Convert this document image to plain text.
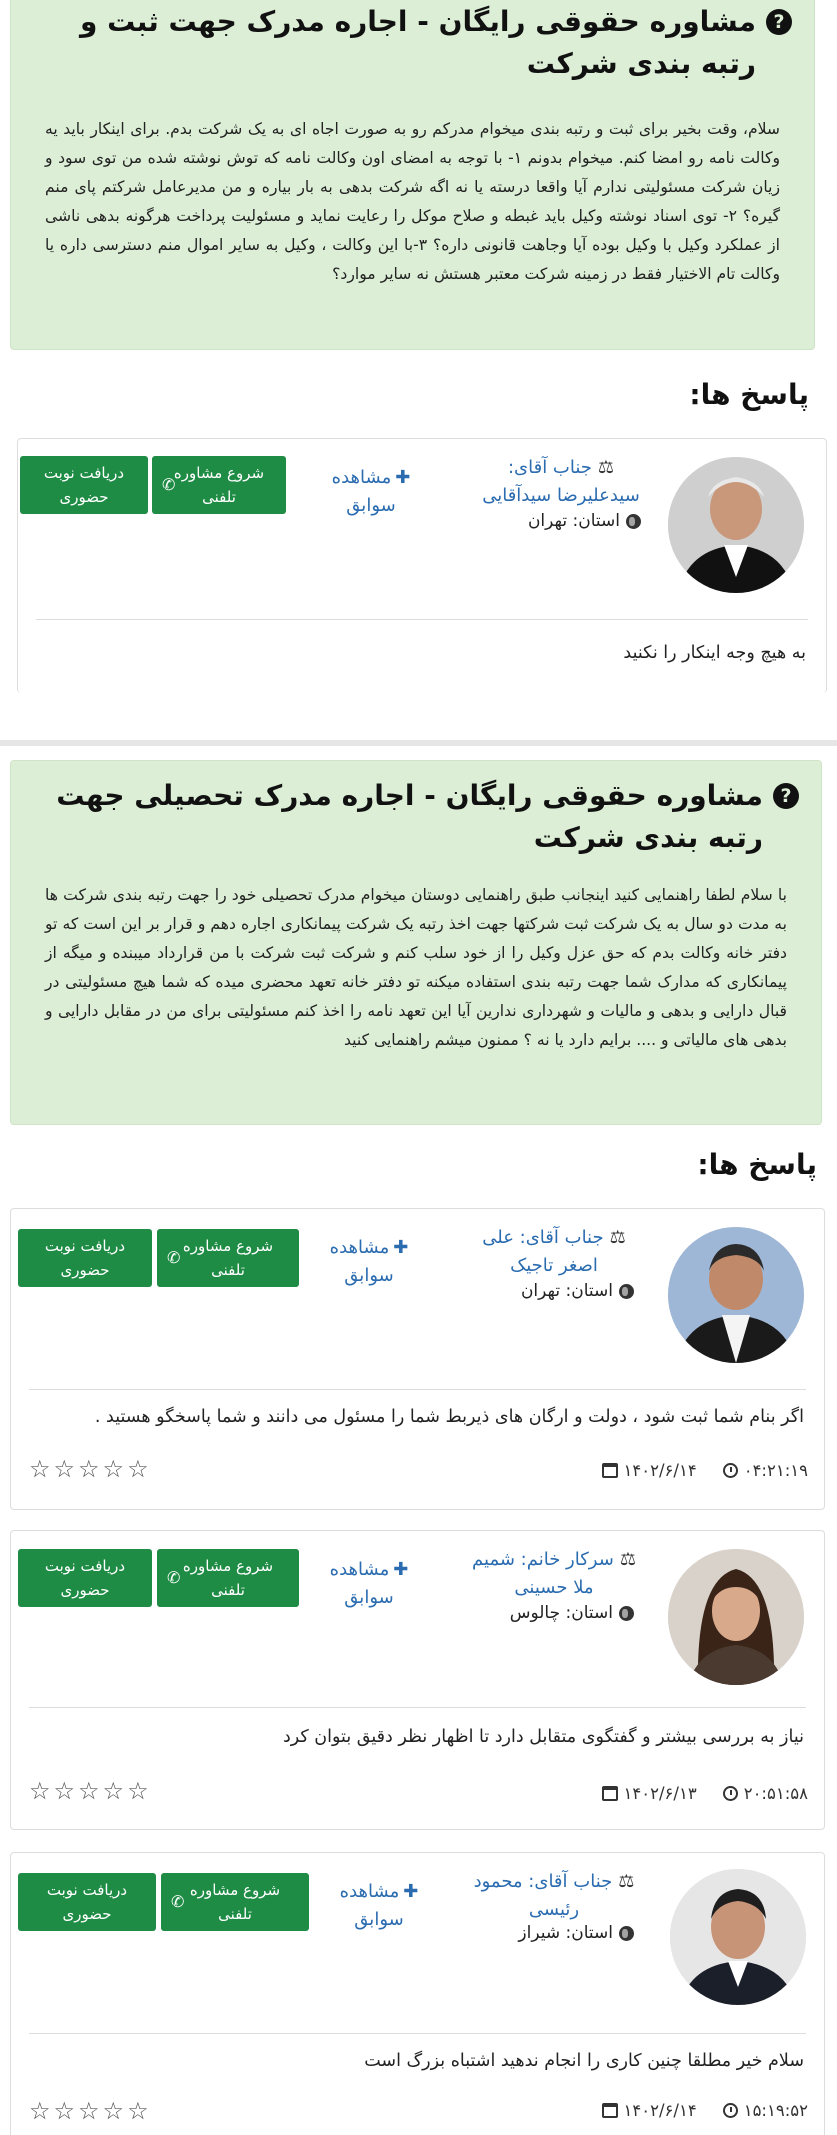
?
مشاوره حقوقی رایگان - اجاره مدرک جهت ثبت و رتبه بندی شرکت
سلام، وقت بخیر برای ثبت و رتبه بندی میخوام مدرکم رو به صورت اجاه ای به یک شرکت بدم. برای اینکار باید یه وکالت نامه رو امضا کنم. میخوام بدونم ۱- با توجه به امضای اون وکالت نامه که توش نوشته شده من توی سود و زیان شرکت مسئولیتی ندارم آیا واقعا درسته یا نه اگه شرکت بدهی به بار بیاره و من مدیرعامل شرکتم پای منم گیره؟ ۲- توی اسناد نوشته وکیل باید غبطه و صلاح موکل را رعایت نماید و مسئولیت پرداخت هرگونه بدهی ناشی از عملکرد وکیل با وکیل بوده آیا وجاهت قانونی داره؟ ۳-با این وکالت ، وکیل به سایر اموال منم دسترسی داره یا وکالت تام الاختیار فقط در زمینه شرکت معتبر هستش نه سایر موارد؟
پاسخ ها:
⚖جناب آقای: سیدعلیرضا سیدآقایی
استان: تهران
✚مشاهده سوابق
شروع مشاوره تلفنی
✆
دریافت نوبت حضوری
به هیچ وجه اینکار را نکنید
?
مشاوره حقوقی رایگان - اجاره مدرک تحصیلی جهت رتبه بندی شرکت
با سلام لطفا راهنمایی کنید اینجانب طبق راهنمایی دوستان میخوام مدرک تحصیلی خود را جهت رتبه بندی شرکت ها به مدت دو سال به یک شرکت ثبت شرکتها جهت اخذ رتبه یک شرکت پیمانکاری اجاره دهم و قرار بر این است که تو دفتر خانه وکالت بدم که حق عزل وکیل را از خود سلب کنم و شرکت ثبت شرکت با من قرارداد میبنده و میگه از پیمانکاری که مدارک شما جهت رتبه بندی استفاده میکنه تو دفتر خانه تعهد محضری میده که شما هیچ مسئولیتی در قبال دارایی و بدهی و مالیات و شهرداری ندارین آیا این تعهد نامه را اخذ کنم مسئولیتی برای من در مقابل دارایی و بدهی های مالیاتی و .... برایم دارد یا نه ؟ ممنون میشم راهنمایی کنید
پاسخ ها:
⚖جناب آقای: علی اصغر تاجیک
استان: تهران
✚مشاهده سوابق
شروع مشاوره تلفنی
✆
دریافت نوبت حضوری
اگر بنام شما ثبت شود ، دولت و ارگان های ذیربط شما را مسئول می دانند و شما پاسخگو هستید .
۱۴۰۲/۶/۱۴	۰۴:۲۱:۱۹
☆☆☆☆☆
⚖سرکار خانم: شمیم ملا حسینی
استان: چالوس
✚مشاهده سوابق
شروع مشاوره تلفنی
✆
دریافت نوبت حضوری
نیاز به بررسی بیشتر و گفتگوی متقابل دارد تا اظهار نظر دقیق بتوان کرد
۱۴۰۲/۶/۱۳	۲۰:۵۱:۵۸
☆☆☆☆☆
⚖جناب آقای: محمود رئیسی
استان: شیراز
✚مشاهده سوابق
شروع مشاوره تلفنی
✆
دریافت نوبت حضوری
سلام خیر مطلقا چنین کاری را انجام ندهید اشتباه بزرگ است
۱۴۰۲/۶/۱۴	۱۵:۱۹:۵۲
☆☆☆☆☆
